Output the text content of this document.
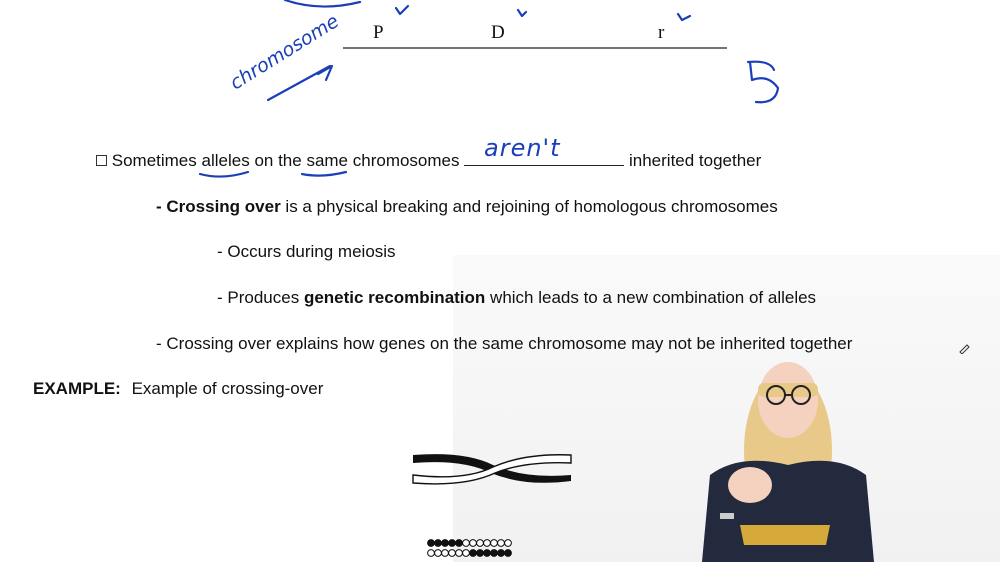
P	D	r
chromosome
Sometimes alleles on the same chromosomes	inherited together
aren't
- Crossing over is a physical breaking and rejoining of homologous chromosomes
- Occurs during meiosis
- Produces genetic recombination which leads to a new combination of alleles
- Crossing over explains how genes on the same chromosome may not be inherited together
EXAMPLE: Example of crossing-over
